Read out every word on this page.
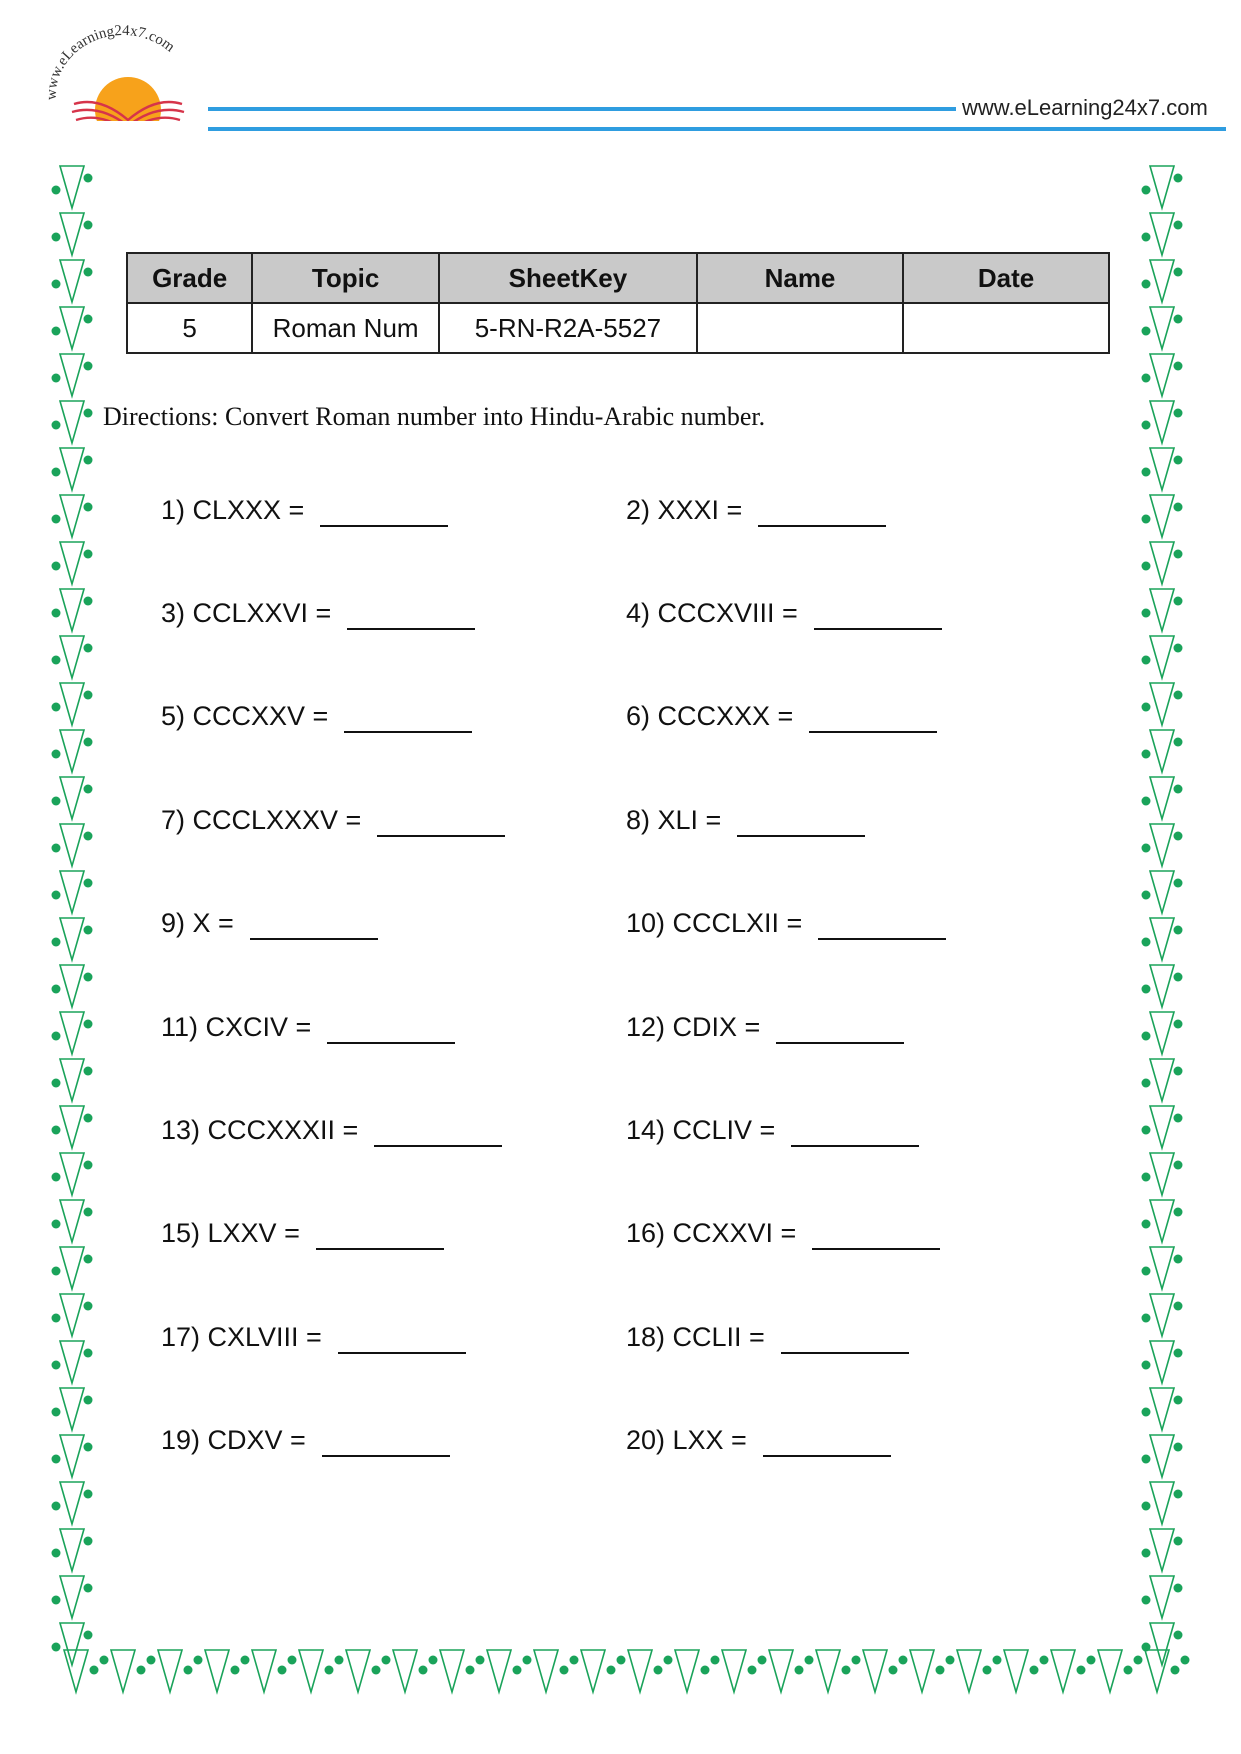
www.eLearning24x7.com
www.eLearning24x7.com
Grade	Topic	SheetKey	Name	Date
5	Roman Num	5-RN-R2A-5527		
Directions: Convert Roman number into Hindu-Arabic number.
1) CLXXX =	2) XXXI =
3) CCLXXVI =	4) CCCXVIII =
5) CCCXXV =	6) CCCXXX =
7) CCCLXXXV =	8) XLI =
9) X =	10) CCCLXII =
11) CXCIV =	12) CDIX =
13) CCCXXXII =	14) CCLIV =
15) LXXV =	16) CCXXVI =
17) CXLVIII =	18) CCLII =
19) CDXV =	20) LXX =
